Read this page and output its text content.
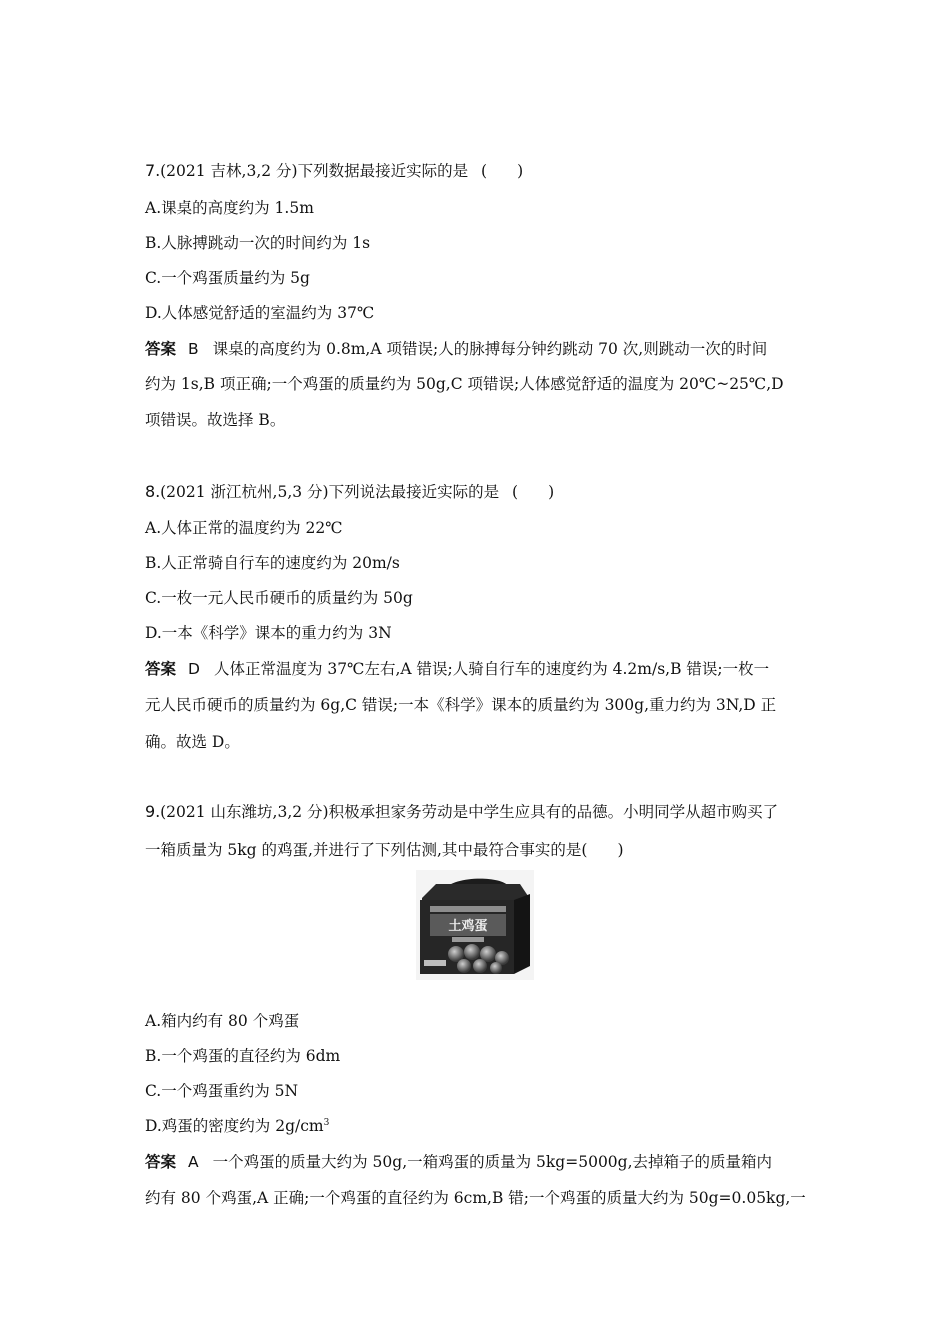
7.(2021 吉林,3,2 分)下列数据最接近实际的是 ( )
A.课桌的高度约为 1.5m
B.人脉搏跳动一次的时间约为 1s
C.一个鸡蛋质量约为 5g
D.人体感觉舒适的室温约为 37℃
答案 B 课桌的高度约为 0.8m,A 项错误;人的脉搏每分钟约跳动 70 次,则跳动一次的时间
约为 1s,B 项正确;一个鸡蛋的质量约为 50g,C 项错误;人体感觉舒适的温度为 20℃~25℃,D
项错误。故选择 B。
8.(2021 浙江杭州,5,3 分)下列说法最接近实际的是 ( )
A.人体正常的温度约为 22℃
B.人正常骑自行车的速度约为 20m/s
C.一枚一元人民币硬币的质量约为 50g
D.一本《科学》课本的重力约为 3N
答案 D 人体正常温度为 37℃左右,A 错误;人骑自行车的速度约为 4.2m/s,B 错误;一枚一
元人民币硬币的质量约为 6g,C 错误;一本《科学》课本的质量约为 300g,重力约为 3N,D 正
确。故选 D。
9.(2021 山东潍坊,3,2 分)积极承担家务劳动是中学生应具有的品德。小明同学从超市购买了
一箱质量为 5kg 的鸡蛋,并进行了下列估测,其中最符合事实的是( )
土鸡蛋
A.箱内约有 80 个鸡蛋
B.一个鸡蛋的直径约为 6dm
C.一个鸡蛋重约为 5N
D.鸡蛋的密度约为 $2g/cm^3$
答案 A 一个鸡蛋的质量大约为 50g,一箱鸡蛋的质量为 5kg=5000g,去掉箱子的质量箱内
约有 80 个鸡蛋,A 正确;一个鸡蛋的直径约为 6cm,B 错;一个鸡蛋的质量大约为 50g=0.05kg,一
